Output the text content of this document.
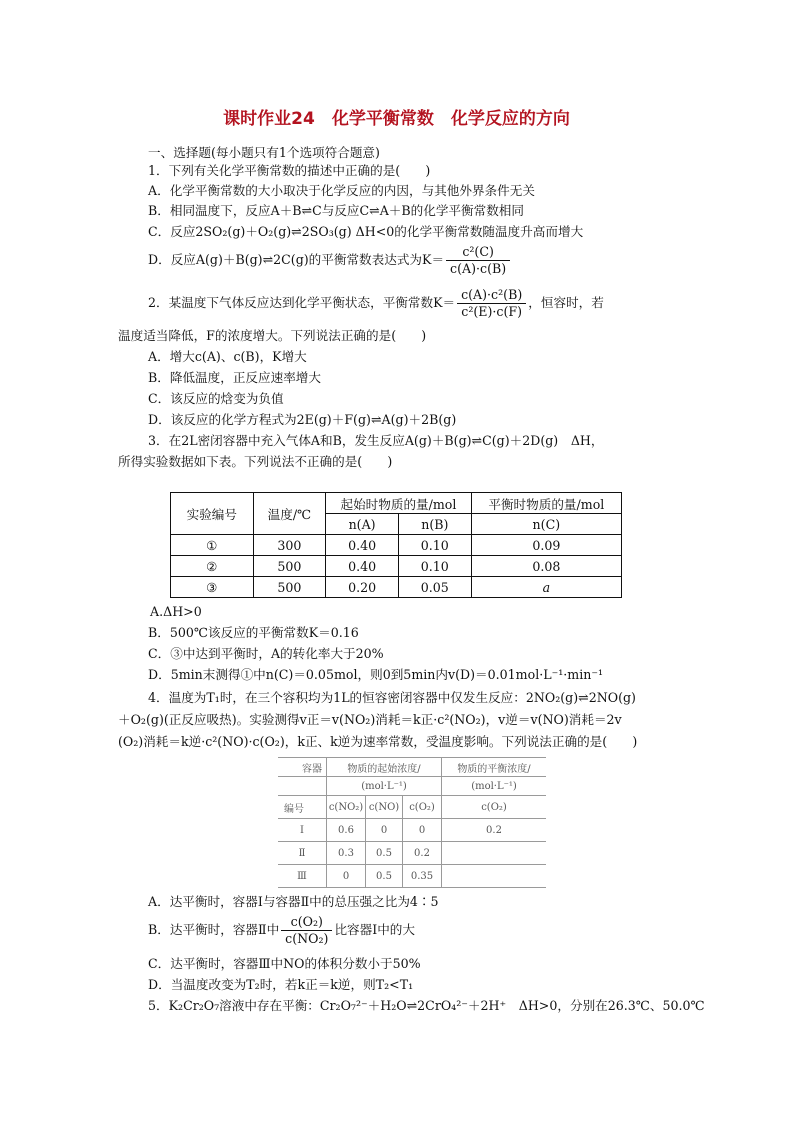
课时作业24　化学平衡常数　化学反应的方向
一、选择题(每小题只有1个选项符合题意)
1．下列有关化学平衡常数的描述中正确的是(　　)
A．化学平衡常数的大小取决于化学反应的内因，与其他外界条件无关
B．相同温度下，反应A＋B⇌C与反应C⇌A＋B的化学平衡常数相同
C．反应2SO₂(g)＋O₂(g)⇌2SO₃(g) ΔH<0的化学平衡常数随温度升高而增大
D．反应A(g)＋B(g)⇌2C(g)的平衡常数表达式为$K= \frac{\text{c²(C)}}{c(A)\cdot c(B)}$
2．某温度下气体反应达到化学平衡状态，平衡常数$K= \frac{\text{c(A)·c²(B)}}{\text{c²(E)·c(F)}}$ ，恒容时，若
温度适当降低，F的浓度增大。下列说法正确的是(　　)
A．增大c(A)、c(B)，K增大
B．降低温度，正反应速率增大
C．该反应的焓变为负值
D．该反应的化学方程式为2E(g)＋F(g)⇌A(g)＋2B(g)
3．在2L密闭容器中充入气体A和B，发生反应A(g)＋B(g)⇌C(g)＋2D(g)　ΔH，
所得实验数据如下表。下列说法不正确的是(　　)
实验编号	温度/℃	起始时物质的量/mol		平衡时物质的量/mol
		n(A)	n(B)	n(C)
①	300	0.40	0.10	0.09
②	500	0.40	0.10	0.08
③	500	0.20	0.05	a
A.ΔH>0
B．500℃该反应的平衡常数K＝0.16
C．③中达到平衡时，A的转化率大于20%
D．5min末测得①中n(C)＝0.05mol，则0到5min内v(D)＝0.01mol·L⁻¹·min⁻¹
4．温度为T₁时，在三个容积均为1L的恒容密闭容器中仅发生反应：2NO₂(g)⇌2NO(g)
＋O₂(g)(正反应吸热)。实验测得v正＝v(NO₂)消耗＝k正·c²(NO₂)，v逆＝v(NO)消耗＝2v
(O₂)消耗＝k逆·c²(NO)·c(O₂)，k正、k逆为速率常数，受温度影响。下列说法正确的是(　　)
容器	物质的起始浓度/			物质的平衡浓度/
	(mol·L⁻¹)			(mol·L⁻¹)
编号	c(NO₂)	c(NO)	c(O₂)	c(O₂)
Ⅰ	0.6	0	0	0.2
Ⅱ	0.3	0.5	0.2	
Ⅲ	0	0.5	0.35	
A．达平衡时，容器Ⅰ与容器Ⅱ中的总压强之比为4∶5
B．达平衡时，容器Ⅱ中 $\frac{\text{c(O₂)}}{\text{c(NO₂)}}$ 比容器Ⅰ中的大
C．达平衡时，容器Ⅲ中NO的体积分数小于50%
D．当温度改变为T₂时，若k正＝k逆，则T₂<T₁
5．K₂Cr₂O₇溶液中存在平衡：Cr₂O₇²⁻＋H₂O⇌2CrO₄²⁻＋2H⁺　ΔH>0，分别在26.3℃、50.0℃
